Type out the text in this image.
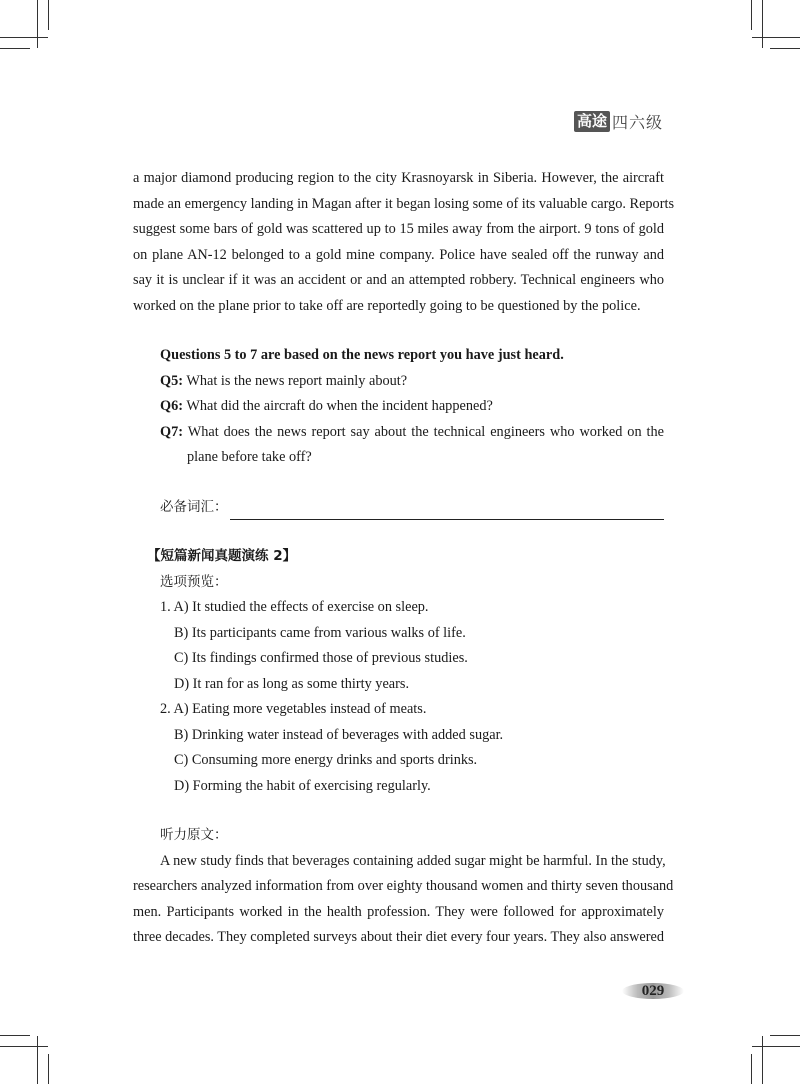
高途 四六级
a major diamond producing region to the city Krasnoyarsk in Siberia. However, the aircraft
made an emergency landing in Magan after it began losing some of its valuable cargo. Reports
suggest some bars of gold was scattered up to 15 miles away from the airport. 9 tons of gold
on plane AN-12 belonged to a gold mine company. Police have sealed off the runway and
say it is unclear if it was an accident or and an attempted robbery. Technical engineers who
worked on the plane prior to take off are reportedly going to be questioned by the police.
Questions 5 to 7 are based on the news report you have just heard.
Q5: What is the news report mainly about?
Q6: What did the aircraft do when the incident happened?
Q7: What does the news report say about the technical engineers who worked on the
plane before take off?
必备词汇：
【短篇新闻真题演练 2】
选项预览：
1. A) It studied the effects of exercise on sleep.
B) Its participants came from various walks of life.
C) Its findings confirmed those of previous studies.
D) It ran for as long as some thirty years.
2. A) Eating more vegetables instead of meats.
B) Drinking water instead of beverages with added sugar.
C) Consuming more energy drinks and sports drinks.
D) Forming the habit of exercising regularly.
听力原文：
A new study finds that beverages containing added sugar might be harmful. In the study,
researchers analyzed information from over eighty thousand women and thirty seven thousand
men. Participants worked in the health profession. They were followed for approximately
three decades. They completed surveys about their diet every four years. They also answered
029
